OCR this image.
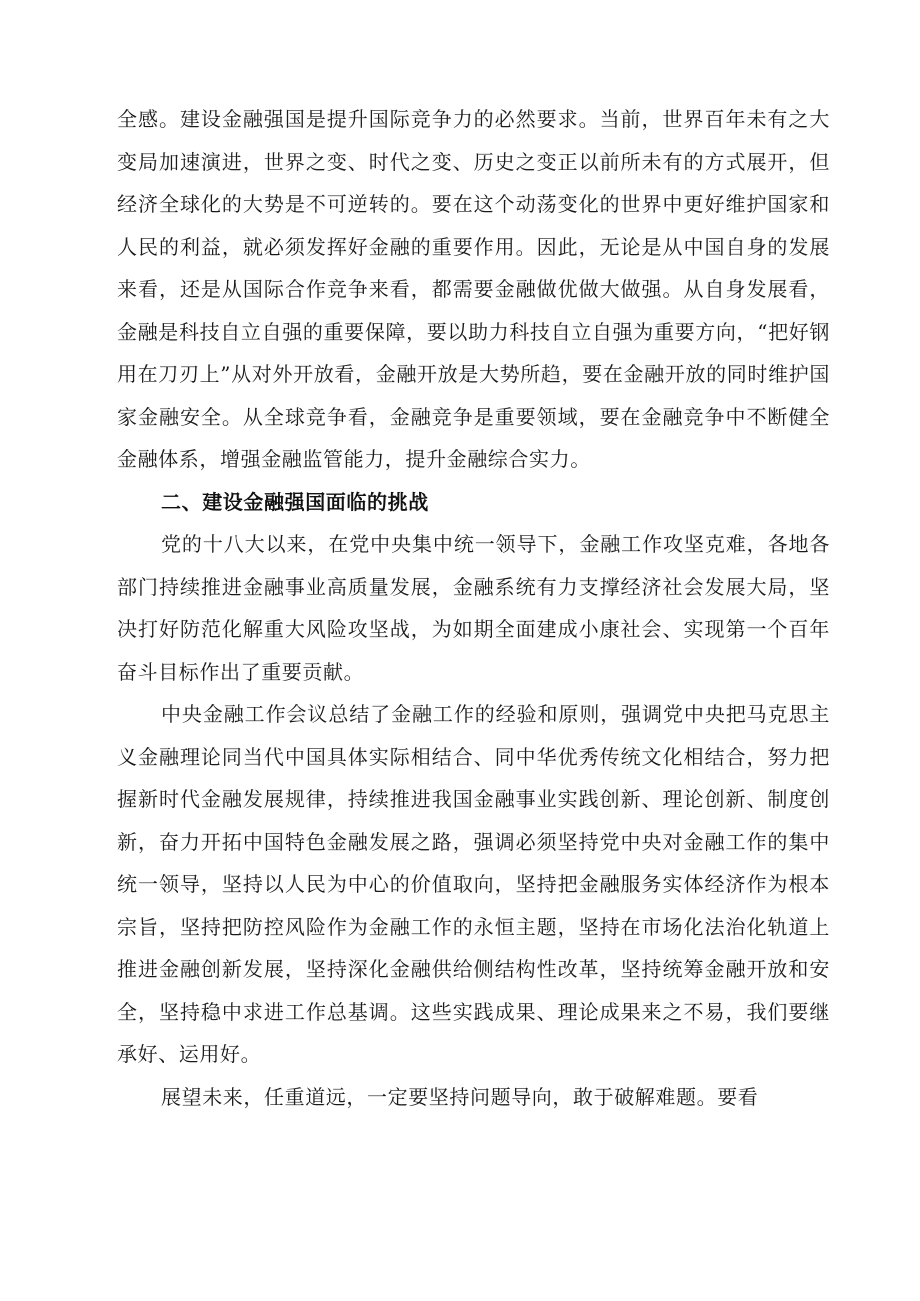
全感。建设金融强国是提升国际竞争力的必然要求。当前，世界百年未有之大变局加速演进，世界之变、时代之变、历史之变正以前所未有的方式展开，但经济全球化的大势是不可逆转的。要在这个动荡变化的世界中更好维护国家和人民的利益，就必须发挥好金融的重要作用。因此，无论是从中国自身的发展来看，还是从国际合作竞争来看，都需要金融做优做大做强。从自身发展看，金融是科技自立自强的重要保障，要以助力科技自立自强为重要方向，“把好钢用在刀刃上”从对外开放看，金融开放是大势所趋，要在金融开放的同时维护国家金融安全。从全球竞争看，金融竞争是重要领域，要在金融竞争中不断健全金融体系，增强金融监管能力，提升金融综合实力。

二、建设金融强国面临的挑战

党的十八大以来，在党中央集中统一领导下，金融工作攻坚克难，各地各部门持续推进金融事业高质量发展，金融系统有力支撑经济社会发展大局，坚决打好防范化解重大风险攻坚战，为如期全面建成小康社会、实现第一个百年奋斗目标作出了重要贡献。

中央金融工作会议总结了金融工作的经验和原则，强调党中央把马克思主义金融理论同当代中国具体实际相结合、同中华优秀传统文化相结合，努力把握新时代金融发展规律，持续推进我国金融事业实践创新、理论创新、制度创新，奋力开拓中国特色金融发展之路，强调必须坚持党中央对金融工作的集中统一领导，坚持以人民为中心的价值取向，坚持把金融服务实体经济作为根本宗旨，坚持把防控风险作为金融工作的永恒主题，坚持在市场化法治化轨道上推进金融创新发展，坚持深化金融供给侧结构性改革，坚持统筹金融开放和安全，坚持稳中求进工作总基调。这些实践成果、理论成果来之不易，我们要继承好、运用好。

展望未来，任重道远，一定要坚持问题导向，敢于破解难题。要看
